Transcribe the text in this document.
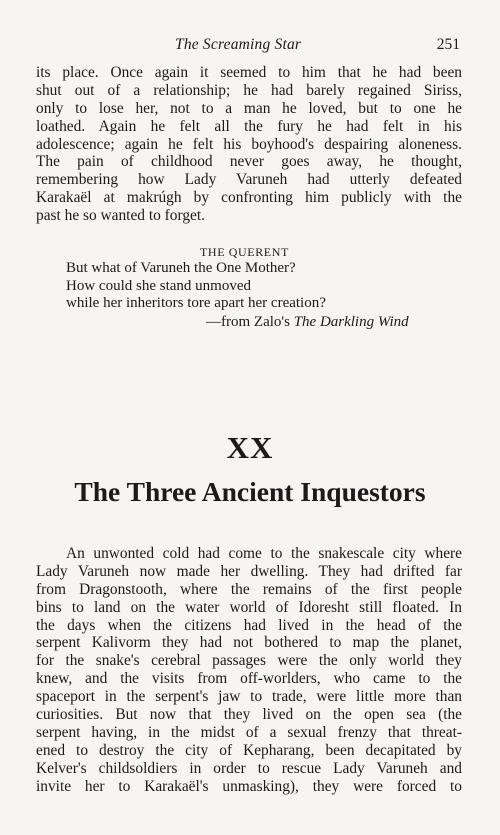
The Screaming Star	251
its place. Once again it seemed to him that he had been
shut out of a relationship; he had barely regained Siriss,
only to lose her, not to a man he loved, but to one he
loathed. Again he felt all the fury he had felt in his
adolescence; again he felt his boyhood's despairing aloneness.
The pain of childhood never goes away, he thought,
remembering how Lady Varuneh had utterly defeated
Karakaël at makrúgh by confronting him publicly with the
past he so wanted to forget.
THE QUERENT
But what of Varuneh the One Mother?
How could she stand unmoved
while her inheritors tore apart her creation?
—from Zalo's The Darkling Wind
XX
The Three Ancient Inquestors
An unwonted cold had come to the snakescale city where
Lady Varuneh now made her dwelling. They had drifted far
from Dragonstooth, where the remains of the first people
bins to land on the water world of Idoresht still floated. In
the days when the citizens had lived in the head of the
serpent Kalivorm they had not bothered to map the planet,
for the snake's cerebral passages were the only world they
knew, and the visits from off-worlders, who came to the
spaceport in the serpent's jaw to trade, were little more than
curiosities. But now that they lived on the open sea (the
serpent having, in the midst of a sexual frenzy that threat-
ened to destroy the city of Kepharang, been decapitated by
Kelver's childsoldiers in order to rescue Lady Varuneh and
invite her to Karakaël's unmasking), they were forced to
